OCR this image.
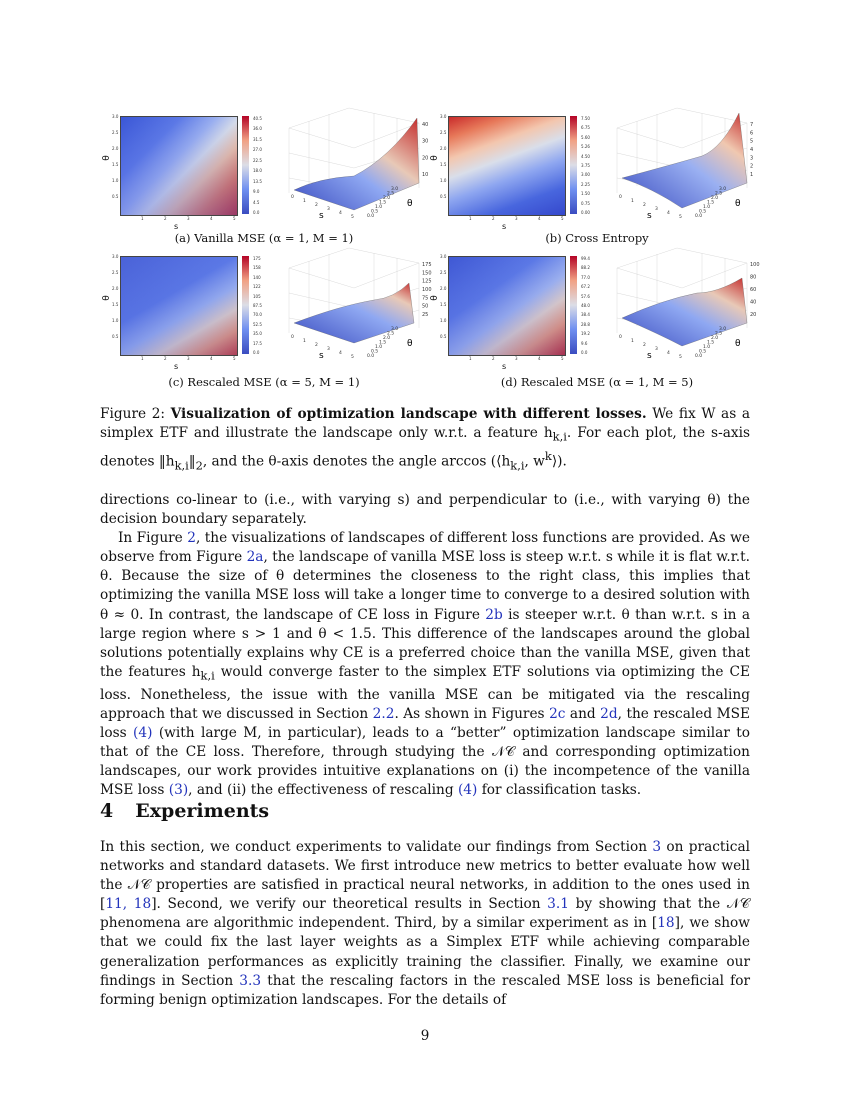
40.5
36.0
31.5
27.0
22.5
18.0
13.5
9.0
4.5
0.0
θ
s
1	2	3	4	5
3.0
2.5
2.0
1.5
1.0
0.5
40
30
20
10
0
1
2
3
4
5
3.0
2.5
2.0
1.5
1.0
0.5
0.0
s
θ
(a) Vanilla MSE (α = 1, M = 1)
7.50
6.75
5.60
5.26
4.50
3.75
3.00
2.25
1.50
0.75
0.00
θ
s
1	2	3	4	5
3.0
2.5
2.0
1.5
1.0
0.5
7
6
5
4
3
2
1
0
1
2
3
4
5
3.0
2.5
2.0
1.5
1.0
0.5
0.0
s
θ
(b) Cross Entropy
175
158
140
122
105
87.5
70.0
52.5
35.0
17.5
0.0
θ
s
1	2	3	4	5
3.0
2.5
2.0
1.5
1.0
0.5
175
150
125
100
75
50
25
0
1
2
3
4
5
3.0
2.5
2.0
1.5
1.0
0.5
0.0
s
θ
(c) Rescaled MSE (α = 5, M = 1)
99.4
88.2
77.0
67.2
57.6
48.0
38.4
28.8
19.2
9.6
0.0
θ
s
1	2	3	4	5
3.0
2.5
2.0
1.5
1.0
0.5
100
80
60
40
20
0
1
2
3
4
5
3.0
2.5
2.0
1.5
1.0
0.5
0.0
s
θ
(d) Rescaled MSE (α = 1, M = 5)
Figure 2: Visualization of optimization landscape with different losses. We fix W as a simplex ETF and illustrate the landscape only w.r.t. a feature $h_{k,i}$. For each plot, the s-axis denotes $‖h_{k,i}‖_2$, and the θ-axis denotes the angle $\arccos (⟨h_{k,i}$, $w^k⟩$).

directions co-linear to (i.e., with varying s) and perpendicular to (i.e., with varying θ) the decision boundary separately.

In Figure 2, the visualizations of landscapes of different loss functions are provided. As we observe from Figure 2a, the landscape of vanilla MSE loss is steep w.r.t. s while it is flat w.r.t. θ. Because the size of θ determines the closeness to the right class, this implies that optimizing the vanilla MSE loss will take a longer time to converge to a desired solution with θ ≈ 0. In contrast, the landscape of CE loss in Figure 2b is steeper w.r.t. θ than w.r.t. s in a large region where s > 1 and θ < 1.5. This difference of the landscapes around the global solutions potentially explains why CE is a preferred choice than the vanilla MSE, given that the features $h_{k,i}$ would converge faster to the simplex ETF solutions via optimizing the CE loss. Nonetheless, the issue with the vanilla MSE can be mitigated via the rescaling approach that we discussed in Section 2.2. As shown in Figures 2c and 2d, the rescaled MSE loss (4) (with large M, in particular), leads to a “better” optimization landscape similar to that of the CE loss. Therefore, through studying the 𝒩𝒞 and corresponding optimization landscapes, our work provides intuitive explanations on (i) the incompetence of the vanilla MSE loss (3), and (ii) the effectiveness of rescaling (4) for classification tasks.

4 Experiments

In this section, we conduct experiments to validate our findings from Section 3 on practical networks and standard datasets. We first introduce new metrics to better evaluate how well the 𝒩𝒞 properties are satisfied in practical neural networks, in addition to the ones used in [11, 18]. Second, we verify our theoretical results in Section 3.1 by showing that the 𝒩𝒞 phenomena are algorithmic independent. Third, by a similar experiment as in [18], we show that we could fix the last layer weights as a Simplex ETF while achieving comparable generalization performances as explicitly training the classifier. Finally, we examine our findings in Section 3.3 that the rescaling factors in the rescaled MSE loss is beneficial for forming benign optimization landscapes. For the details of

9
